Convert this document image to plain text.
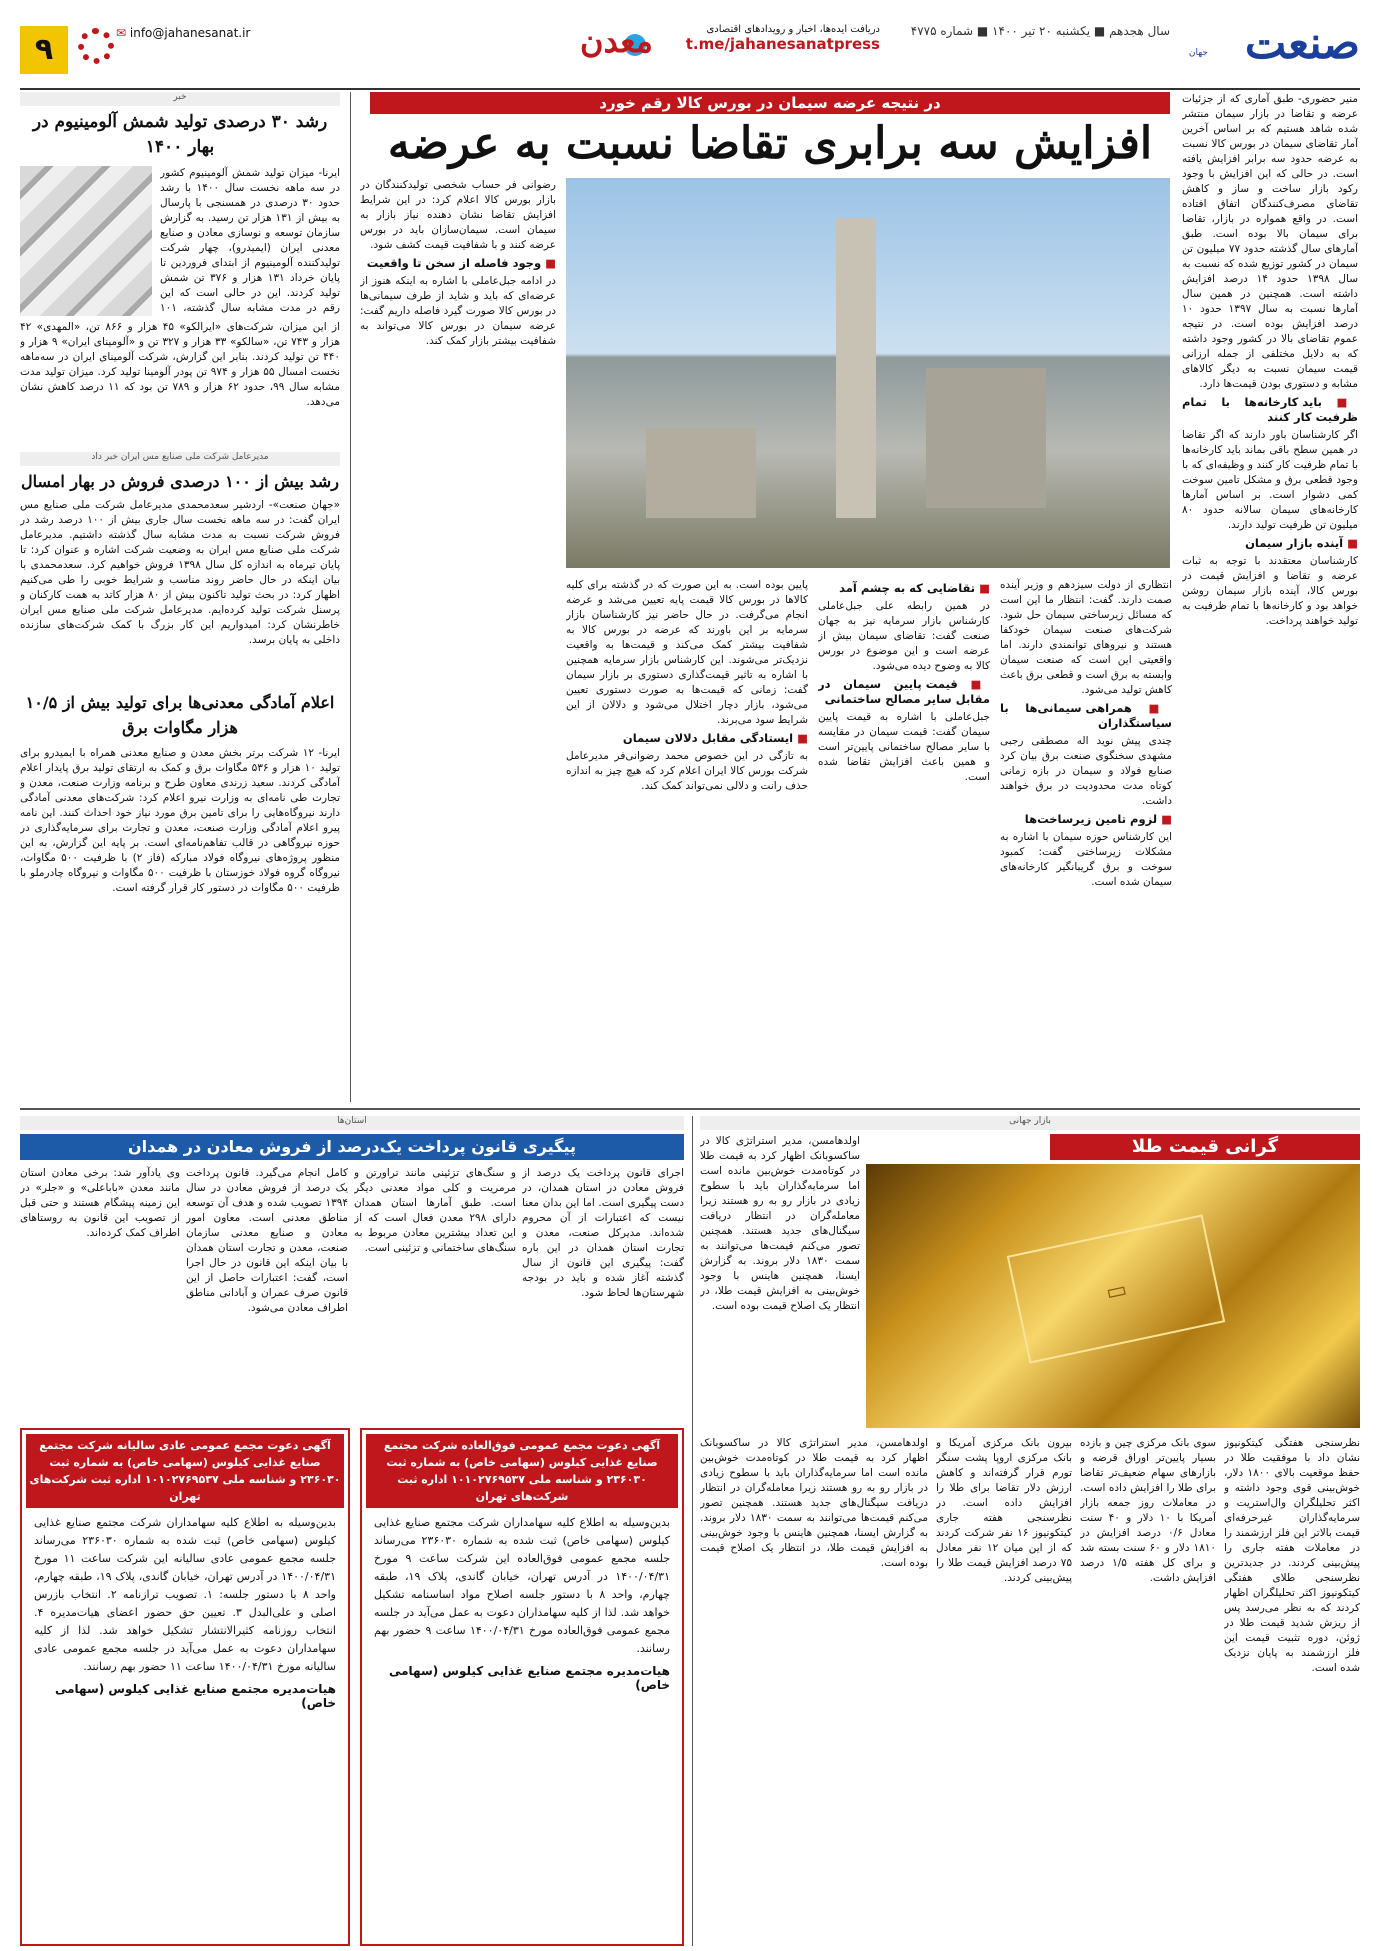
صنعت
جهان
سال هجدهم ■ یکشنبه ۲۰ تیر ۱۴۰۰ ■ شماره ۴۷۷۵
دریافت ایده‌ها، اخبار و رویدادهای اقتصادی
t.me/jahanesanatpress
معدن
✉ info@jahanesanat.ir
۹
در نتیجه عرضه سیمان در بورس کالا رقم خورد
افزایش سه برابری تقاضا نسبت به عرضه

منیر حضوری- طبق آماری که از جزئیات عرضه و تقاضا در بازار سیمان منتشر شده شاهد هستیم که بر اساس آخرین آمار تقاضای سیمان در بورس کالا نسبت به عرضه حدود سه برابر افزایش یافته است. در حالی که این افزایش با وجود رکود بازار ساخت و ساز و کاهش تقاضای مصرف‌کنندگان اتفاق افتاده است. در واقع همواره در بازار، تقاضا برای سیمان بالا بوده است. طبق آمارهای سال گذشته حدود ۷۷ میلیون تن سیمان در کشور توزیع شده که نسبت به سال ۱۳۹۸ حدود ۱۴ درصد افزایش داشته است. همچنین در همین سال آمارها نسبت به سال ۱۳۹۷ حدود ۱۰ درصد افزایش بوده است. در نتیجه عموم تقاضای بالا در کشور وجود داشته که به دلایل مختلفی از جمله ارزانی قیمت سیمان نسبت به دیگر کالاهای مشابه و دستوری بودن قیمت‌ها دارد.

■ باید کارخانه‌ها با تمام ظرفیت کار کنند

اگر کارشناسان باور دارند که اگر تقاضا در همین سطح باقی بماند باید کارخانه‌ها با تمام ظرفیت کار کنند و وظیفه‌ای که با وجود قطعی برق و مشکل تامین سوخت کمی دشوار است. بر اساس آمارها کارخانه‌های سیمان سالانه حدود ۸۰ میلیون تن ظرفیت تولید دارند.

■ آینده بازار سیمان

کارشناسان معتقدند با توجه به ثبات عرضه و تقاضا و افزایش قیمت در بورس کالا، آینده بازار سیمان روشن خواهد بود و کارخانه‌ها با تمام ظرفیت به تولید خواهند پرداخت.

انتظاری از دولت سیزدهم و وزیر آینده صمت دارند. گفت: انتظار ما این است که مسائل زیرساختی سیمان حل شود. شرکت‌های صنعت سیمان خودکفا هستند و نیروهای توانمندی دارند. اما واقعیتی این است که صنعت سیمان وابسته به برق است و قطعی برق باعث کاهش تولید می‌شود.

■ همراهی سیمانی‌ها با سیاستگذاران

چندی پیش نوید اله مصطفی رجبی مشهدی سخنگوی صنعت برق بیان کرد صنایع فولاد و سیمان در بازه زمانی کوتاه مدت محدودیت در برق خواهند داشت.

■ لزوم تامین زیرساخت‌ها

این کارشناس حوزه سیمان با اشاره به مشکلات زیرساختی گفت: کمبود سوخت و برق گریبانگیر کارخانه‌های سیمان شده است.

■ تقاضایی که به چشم آمد

در همین رابطه علی جبل‌عاملی کارشناس بازار سرمایه نیز به جهان صنعت گفت: تقاضای سیمان بیش از عرضه است و این موضوع در بورس کالا به وضوح دیده می‌شود.

■ قیمت پایین سیمان در مقابل سایر مصالح ساختمانی

جبل‌عاملی با اشاره به قیمت پایین سیمان گفت: قیمت سیمان در مقایسه با سایر مصالح ساختمانی پایین‌تر است و همین باعث افزایش تقاضا شده است.

پایین بوده است. به این صورت که در گذشته برای کلیه کالاها در بورس کالا قیمت پایه تعیین می‌شد و عرضه انجام می‌گرفت. در حال حاضر نیز کارشناسان بازار سرمایه بر این باورند که عرضه در بورس کالا به شفافیت بیشتر کمک می‌کند و قیمت‌ها به واقعیت نزدیک‌تر می‌شوند. این کارشناس بازار سرمایه همچنین با اشاره به تاثیر قیمت‌گذاری دستوری بر بازار سیمان گفت: زمانی که قیمت‌ها به صورت دستوری تعیین می‌شود، بازار دچار اختلال می‌شود و دلالان از این شرایط سود می‌برند.

■ ایستادگی مقابل دلالان سیمان

به تازگی در این خصوص محمد رضوانی‌فر مدیرعامل شرکت بورس کالا ایران اعلام کرد که هیچ چیز به اندازه حذف رانت و دلالی نمی‌تواند کمک کند.

رضوانی فر حساب شخصی تولیدکنندگان در بازار بورس کالا اعلام کرد: در این شرایط افزایش تقاضا نشان دهنده نیاز بازار به سیمان است. سیمان‌سازان باید در بورس عرضه کنند و با شفافیت قیمت کشف شود.

■ وجود فاصله از سخن تا واقعیت

در ادامه جبل‌عاملی با اشاره به اینکه هنوز از عرضه‌ای که باید و شاید از طرف سیمانی‌ها در بورس کالا صورت گیرد فاصله داریم گفت: عرضه سیمان در بورس کالا می‌تواند به شفافیت بیشتر بازار کمک کند.

خبر
رشد ۳۰ درصدی تولید شمش آلومینیوم در بهار ۱۴۰۰
ایرنا- میزان تولید شمش آلومینیوم کشور در سه ماهه نخست سال ۱۴۰۰ با رشد حدود ۳۰ درصدی در همسنجی با پارسال به بیش از ۱۳۱ هزار تن رسید. به گزارش سازمان توسعه و نوسازی معادن و صنایع معدنی ایران (ایمیدرو)، چهار شرکت تولیدکننده آلومینیوم از ابتدای فروردین تا پایان خرداد ۱۳۱ هزار و ۳۷۶ تن شمش تولید کردند. این در حالی است که این رقم در مدت مشابه سال گذشته، ۱۰۱
از این میزان، شرکت‌های «ایرالکو» ۴۵ هزار و ۸۶۶ تن، «المهدی» ۴۲ هزار و ۷۴۳ تن، «سالکو» ۳۳ هزار و ۳۲۷ تن و «آلومینای ایران» ۹ هزار و ۴۴۰ تن تولید کردند. بنابر این گزارش، شرکت آلومینای ایران در سه‌ماهه نخست امسال ۵۵ هزار و ۹۷۴ تن پودر آلومینا تولید کرد. میزان تولید مدت مشابه سال ۹۹، حدود ۶۲ هزار و ۷۸۹ تن بود که ۱۱ درصد کاهش نشان می‌دهد.
مدیرعامل شرکت ملی صنایع مس ایران خبر داد
رشد بیش از ۱۰۰ درصدی فروش در بهار امسال
«جهان صنعت»- اردشیر سعدمحمدی مدیرعامل شرکت ملی صنایع مس ایران گفت: در سه ماهه نخست سال جاری بیش از ۱۰۰ درصد رشد در فروش شرکت نسبت به مدت مشابه سال گذشته داشتیم. مدیرعامل شرکت ملی صنایع مس ایران به وضعیت شرکت اشاره و عنوان کرد: تا پایان تیرماه به اندازه کل سال ۱۳۹۸ فروش خواهیم کرد. سعدمحمدی با بیان اینکه در حال حاضر روند مناسب و شرایط خوبی را طی می‌کنیم اظهار کرد: در بحث تولید تاکنون بیش از ۸۰ هزار کاتد به همت کارکنان و پرسنل شرکت تولید کرده‌ایم. مدیرعامل شرکت ملی صنایع مس ایران خاطرنشان کرد: امیدواریم این کار بزرگ با کمک شرکت‌های سازنده داخلی به پایان برسد.
اعلام آمادگی معدنی‌ها برای تولید بیش از ۱۰/۵ هزار مگاوات برق
ایرنا- ۱۲ شرکت برتر بخش معدن و صنایع معدنی همراه با ایمیدرو برای تولید ۱۰ هزار و ۵۳۶ مگاوات برق و کمک به ارتقای تولید برق پایدار اعلام آمادگی کردند. سعید زرندی معاون طرح و برنامه وزارت صنعت، معدن و تجارت طی نامه‌ای به وزارت نیرو اعلام کرد: شرکت‌های معدنی آمادگی دارند نیروگاه‌هایی را برای تامین برق مورد نیاز خود احداث کنند. این نامه پیرو اعلام آمادگی وزارت صنعت، معدن و تجارت برای سرمایه‌گذاری در حوزه نیروگاهی در قالب تفاهم‌نامه‌ای است. بر پایه این گزارش، به این منظور پروژه‌های نیروگاه فولاد مبارکه (فاز ۲) با ظرفیت ۵۰۰ مگاوات، نیروگاه گروه فولاد خوزستان با ظرفیت ۵۰۰ مگاوات و نیروگاه چادرملو با ظرفیت ۵۰۰ مگاوات در دستور کار قرار گرفته است.
بازار جهانی
گرانی قیمت طلا
▭
اولدهامسن، مدیر استراتژی کالا در ساکسوبانک اظهار کرد به قیمت طلا در کوتاه‌مدت خوش‌بین مانده است اما سرمایه‌گذاران باید با سطوح زیادی در بازار رو به رو هستند زیرا معامله‌گران در انتظار دریافت سیگنال‌های جدید هستند. همچنین تصور می‌کنم قیمت‌ها می‌توانند به سمت ۱۸۳۰ دلار بروند. به گزارش ایسنا، همچنین هاینس با وجود خوش‌بینی به افزایش قیمت طلا، در انتظار یک اصلاح قیمت بوده است.
نظرسنجی هفتگی کیتکونیوز نشان داد با موفقیت طلا در حفظ موقعیت بالای ۱۸۰۰ دلار، خوش‌بینی قوی وجود داشته و اکثر تحلیلگران وال‌استریت و سرمایه‌گذاران غیرحرفه‌ای قیمت بالاتر این فلز ارزشمند را در معاملات هفته جاری را پیش‌بینی کردند. در جدیدترین نظرسنجی طلای هفتگی کیتکونیوز اکثر تحلیلگران اظهار کردند که به نظر می‌رسد پس از ریزش شدید قیمت طلا در ژوئن، دوره تثبیت قیمت این فلز ارزشمند به پایان نزدیک شده است.
سوی بانک مرکزی چین و بازده بسیار پایین‌تر اوراق قرضه و بازارهای سهام ضعیف‌تر تقاضا برای طلا را افزایش داده است. در معاملات روز جمعه بازار آمریکا با ۱۰ دلار و ۴۰ سنت معادل ۰/۶ درصد افزایش در ۱۸۱۰ دلار و ۶۰ سنت بسته شد و برای کل هفته ۱/۵ درصد افزایش داشت.
بیرون بانک مرکزی آمریکا و بانک مرکزی اروپا پشت سنگر تورم قرار گرفته‌اند و کاهش ارزش دلار تقاضا برای طلا را افزایش داده است. در نظرسنجی هفته جاری کیتکونیوز ۱۶ نفر شرکت کردند که از این میان ۱۲ نفر معادل ۷۵ درصد افزایش قیمت طلا را پیش‌بینی کردند.
اولدهامسن، مدیر استراتژی کالا در ساکسوبانک اظهار کرد به قیمت طلا در کوتاه‌مدت خوش‌بین مانده است اما سرمایه‌گذاران باید با سطوح زیادی در بازار رو به رو هستند زیرا معامله‌گران در انتظار دریافت سیگنال‌های جدید هستند. همچنین تصور می‌کنم قیمت‌ها می‌توانند به سمت ۱۸۳۰ دلار بروند. به گزارش ایسنا، همچنین هاینس با وجود خوش‌بینی به افزایش قیمت طلا، در انتظار یک اصلاح قیمت بوده است.
استان‌ها
پیگیری قانون پرداخت یک‌درصد از فروش معادن در همدان
اجرای قانون پرداخت یک درصد از فروش معادن در استان همدان، در دست پیگیری است. اما این بدان معنا نیست که اعتبارات از آن محروم شده‌اند. مدیرکل صنعت، معدن و تجارت استان همدان در این باره گفت: پیگیری این قانون از سال گذشته آغاز شده و باید در بودجه شهرستان‌ها لحاظ شود.
و سنگ‌های تزئینی مانند تراورتن و مرمریت و کلی مواد معدنی دیگر است. طبق آمارها استان همدان دارای ۲۹۸ معدن فعال است که از این تعداد بیشترین معادن مربوط به سنگ‌های ساختمانی و تزئینی است.
کامل انجام می‌گیرد. قانون پرداخت یک درصد از فروش معادن در سال ۱۳۹۴ تصویب شده و هدف آن توسعه مناطق معدنی است. معاون امور معادن و صنایع معدنی سازمان صنعت، معدن و تجارت استان همدان با بیان اینکه این قانون در حال اجرا است، گفت: اعتبارات حاصل از این قانون صرف عمران و آبادانی مناطق اطراف معادن می‌شود.
وی یادآور شد: برخی معادن استان مانند معدن «باباعلی» و «جلر» در این زمینه پیشگام هستند و حتی قبل از تصویب این قانون به روستاهای اطراف کمک کرده‌اند.
آگهی دعوت مجمع عمومی فوق‌العاده شرکت مجتمع صنایع غذایی کیلوس (سهامی خاص) به شماره ثبت ۲۳۶۰۳۰ و شناسه ملی ۱۰۱۰۲۷۶۹۵۳۷ اداره ثبت شرکت‌های تهران
بدین‌وسیله به اطلاع کلیه سهامداران شرکت مجتمع صنایع غذایی کیلوس (سهامی خاص) ثبت شده به شماره ۲۳۶۰۳۰ می‌رساند جلسه مجمع عمومی فوق‌العاده این شرکت ساعت ۹ مورخ ۱۴۰۰/۰۴/۳۱ در آدرس تهران، خیابان گاندی، پلاک ۱۹، طبقه چهارم، واحد ۸ با دستور جلسه اصلاح مواد اساسنامه تشکیل خواهد شد. لذا از کلیه سهامداران دعوت به عمل می‌آید در جلسه مجمع عمومی فوق‌العاده مورخ ۱۴۰۰/۰۴/۳۱ ساعت ۹ حضور بهم رسانند.
هیات‌مدیره مجتمع صنایع غذایی کیلوس (سهامی خاص)
آگهی دعوت مجمع عمومی عادی سالیانه شرکت مجتمع صنایع غذایی کیلوس (سهامی خاص) به شماره ثبت ۲۳۶۰۳۰ و شناسه ملی ۱۰۱۰۲۷۶۹۵۳۷ اداره ثبت شرکت‌های تهران
بدین‌وسیله به اطلاع کلیه سهامداران شرکت مجتمع صنایع غذایی کیلوس (سهامی خاص) ثبت شده به شماره ۲۳۶۰۳۰ می‌رساند جلسه مجمع عمومی عادی سالیانه این شرکت ساعت ۱۱ مورخ ۱۴۰۰/۰۴/۳۱ در آدرس تهران، خیابان گاندی، پلاک ۱۹، طبقه چهارم، واحد ۸ با دستور جلسه: ۱. تصویب ترازنامه ۲. انتخاب بازرس اصلی و علی‌البدل ۳. تعیین حق حضور اعضای هیات‌مدیره ۴. انتخاب روزنامه کثیرالانتشار تشکیل خواهد شد. لذا از کلیه سهامداران دعوت به عمل می‌آید در جلسه مجمع عمومی عادی سالیانه مورخ ۱۴۰۰/۰۴/۳۱ ساعت ۱۱ حضور بهم رسانند.
هیات‌مدیره مجتمع صنایع غذایی کیلوس (سهامی خاص)
